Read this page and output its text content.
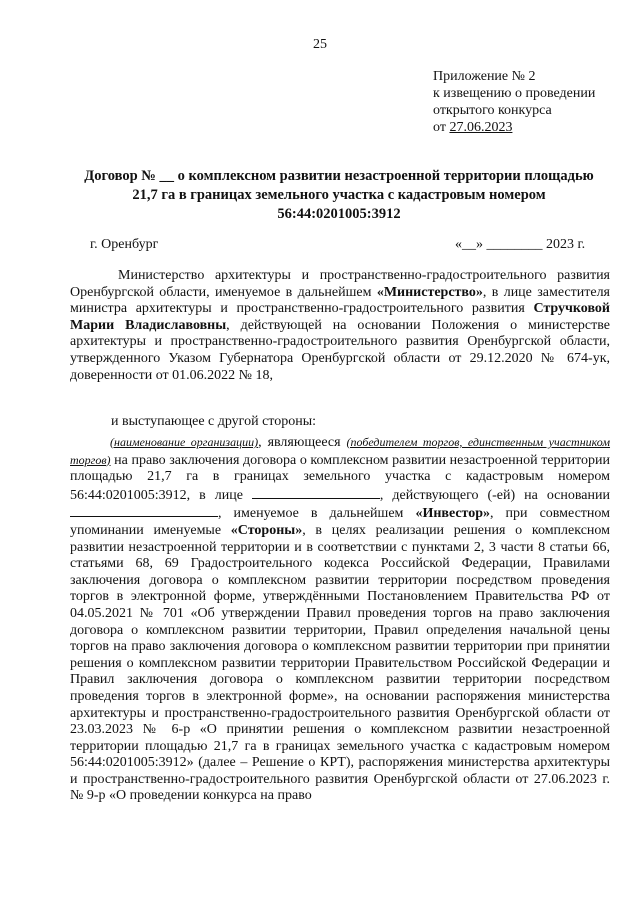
25
Приложение № 2
к извещению о проведении
открытого конкурса
от 27.06.2023
Договор № __ о комплексном развитии незастроенной территории площадью
21,7 га в границах земельного участка с кадастровым номером
56:44:0201005:3912
г. Оренбург	«__» ________ 2023 г.
Министерство архитектуры и пространственно-градостроительного развития Оренбургской области, именуемое в дальнейшем «Министерство», в лице заместителя министра архитектуры и пространственно-градостроительного развития Стручковой Марии Владиславовны, действующей на основании Положения о министерстве архитектуры и пространственно-градостроительного развития Оренбургской области, утвержденного Указом Губернатора Оренбургской области от 29.12.2020 № 674-ук, доверенности от 01.06.2022 № 18,
и выступающее с другой стороны:
(наименование организации), являющееся (победителем торгов, единственным участником торгов) на право заключения договора о комплексном развитии незастроенной территории площадью 21,7 га в границах земельного участка с кадастровым номером 56:44:0201005:3912, в лице	, действующего (-ей) на основании , именуемое в дальнейшем «Инвестор», при совместном упоминании именуемые «Стороны», в целях реализации решения о комплексном развитии незастроенной территории и в соответствии с пунктами 2, 3 части 8 статьи 66, статьями 68, 69 Градостроительного кодекса Российской Федерации, Правилами заключения договора о комплексном развитии территории посредством проведения торгов в электронной форме, утверждёнными Постановлением Правительства РФ от 04.05.2021 № 701 «Об утверждении Правил проведения торгов на право заключения договора о комплексном развитии территории, Правил определения начальной цены торгов на право заключения договора о комплексном развитии территории при принятии решения о комплексном развитии территории Правительством Российской Федерации и Правил заключения договора о комплексном развитии территории посредством проведения торгов в электронной форме», на основании распоряжения министерства архитектуры и пространственно-градостроительного развития Оренбургской области от 23.03.2023 № 6-р «О принятии решения о комплексном развитии незастроенной территории площадью 21,7 га в границах земельного участка с кадастровым номером 56:44:0201005:3912» (далее – Решение о КРТ), распоряжения министерства архитектуры и пространственно-градостроительного развития Оренбургской области от 27.06.2023 г. № 9-р «О проведении конкурса на право
